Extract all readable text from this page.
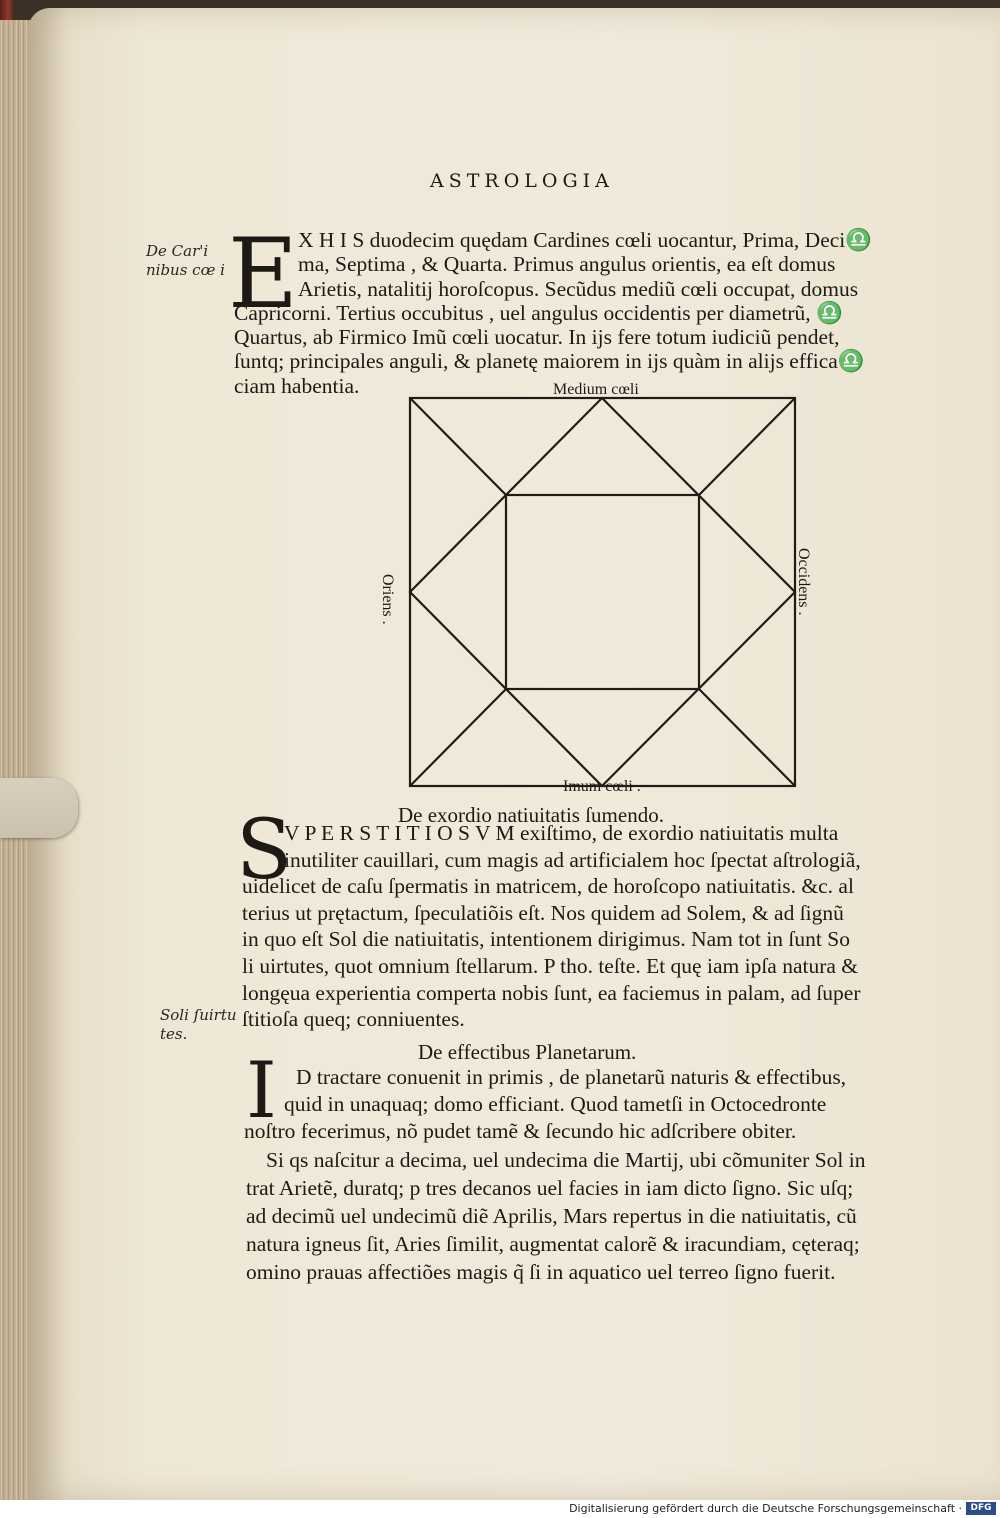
ASTROLOGIA
De Car'i
nibus cœ i
Soli ſuirtu
tes.
E X H I S duodecim quędam Cardines cœli uocantur, Prima, Deci♎
ma, Septima , & Quarta. Primus angulus orientis, ea eſt domus
Arietis, natalitij horoſcopus. Secũdus mediũ cœli occupat, domus
Capricorni. Tertius occubitus , uel angulus occidentis per diametrũ, ♎
Quartus, ab Firmico Imũ cœli uocatur. In ijs fere totum iudiciũ pendet,
ſuntq; principales anguli, & planetę maiorem in ijs quàm in alijs effica♎
ciam habentia.	Medium cœli
Imum cœli .
Oriens .	Occidens .
De exordio natiuitatis ſumendo.
S
V P E R S T I T I O S V M exiſtimo, de exordio natiuitatis multa
inutiliter cauillari, cum magis ad artificialem hoc ſpectat aſtrologiã,
uidelicet de caſu ſpermatis in matricem, de horoſcopo natiuitatis. &c. al
terius ut prętactum, ſpeculatiõis eſt. Nos quidem ad Solem, & ad ſignũ
in quo eſt Sol die natiuitatis, intentionem dirigimus. Nam tot in ſunt So
li uirtutes, quot omnium ſtellarum. P tho. teſte. Et quę iam ipſa natura &
longęua experientia comperta nobis ſunt, ea faciemus in palam, ad ſuper
ſtitioſa queq; conniuentes.
De effectibus Planetarum.
I D tractare conuenit in primis , de planetarũ naturis & effectibus,
quid in unaquaq; domo efficiant. Quod tametſi in Octocedronte
noſtro fecerimus, nõ pudet tamẽ & ſecundo hic adſcribere obiter.
Si qs naſcitur a decima, uel undecima die Martij, ubi cõmuniter Sol in
trat Arietẽ, duratq; p tres decanos uel facies in iam dicto ſigno. Sic uſq;
ad decimũ uel undecimũ diẽ Aprilis, Mars repertus in die natiuitatis, cũ
natura igneus ſit, Aries ſimilit, augmentat calorẽ & iracundiam, cęteraq;
omino prauas affectiões magis q̃ ſi in aquatico uel terreo ſigno fuerit.
Digitalisierung gefördert durch die Deutsche Forschungsgemeinschaft · DFG
